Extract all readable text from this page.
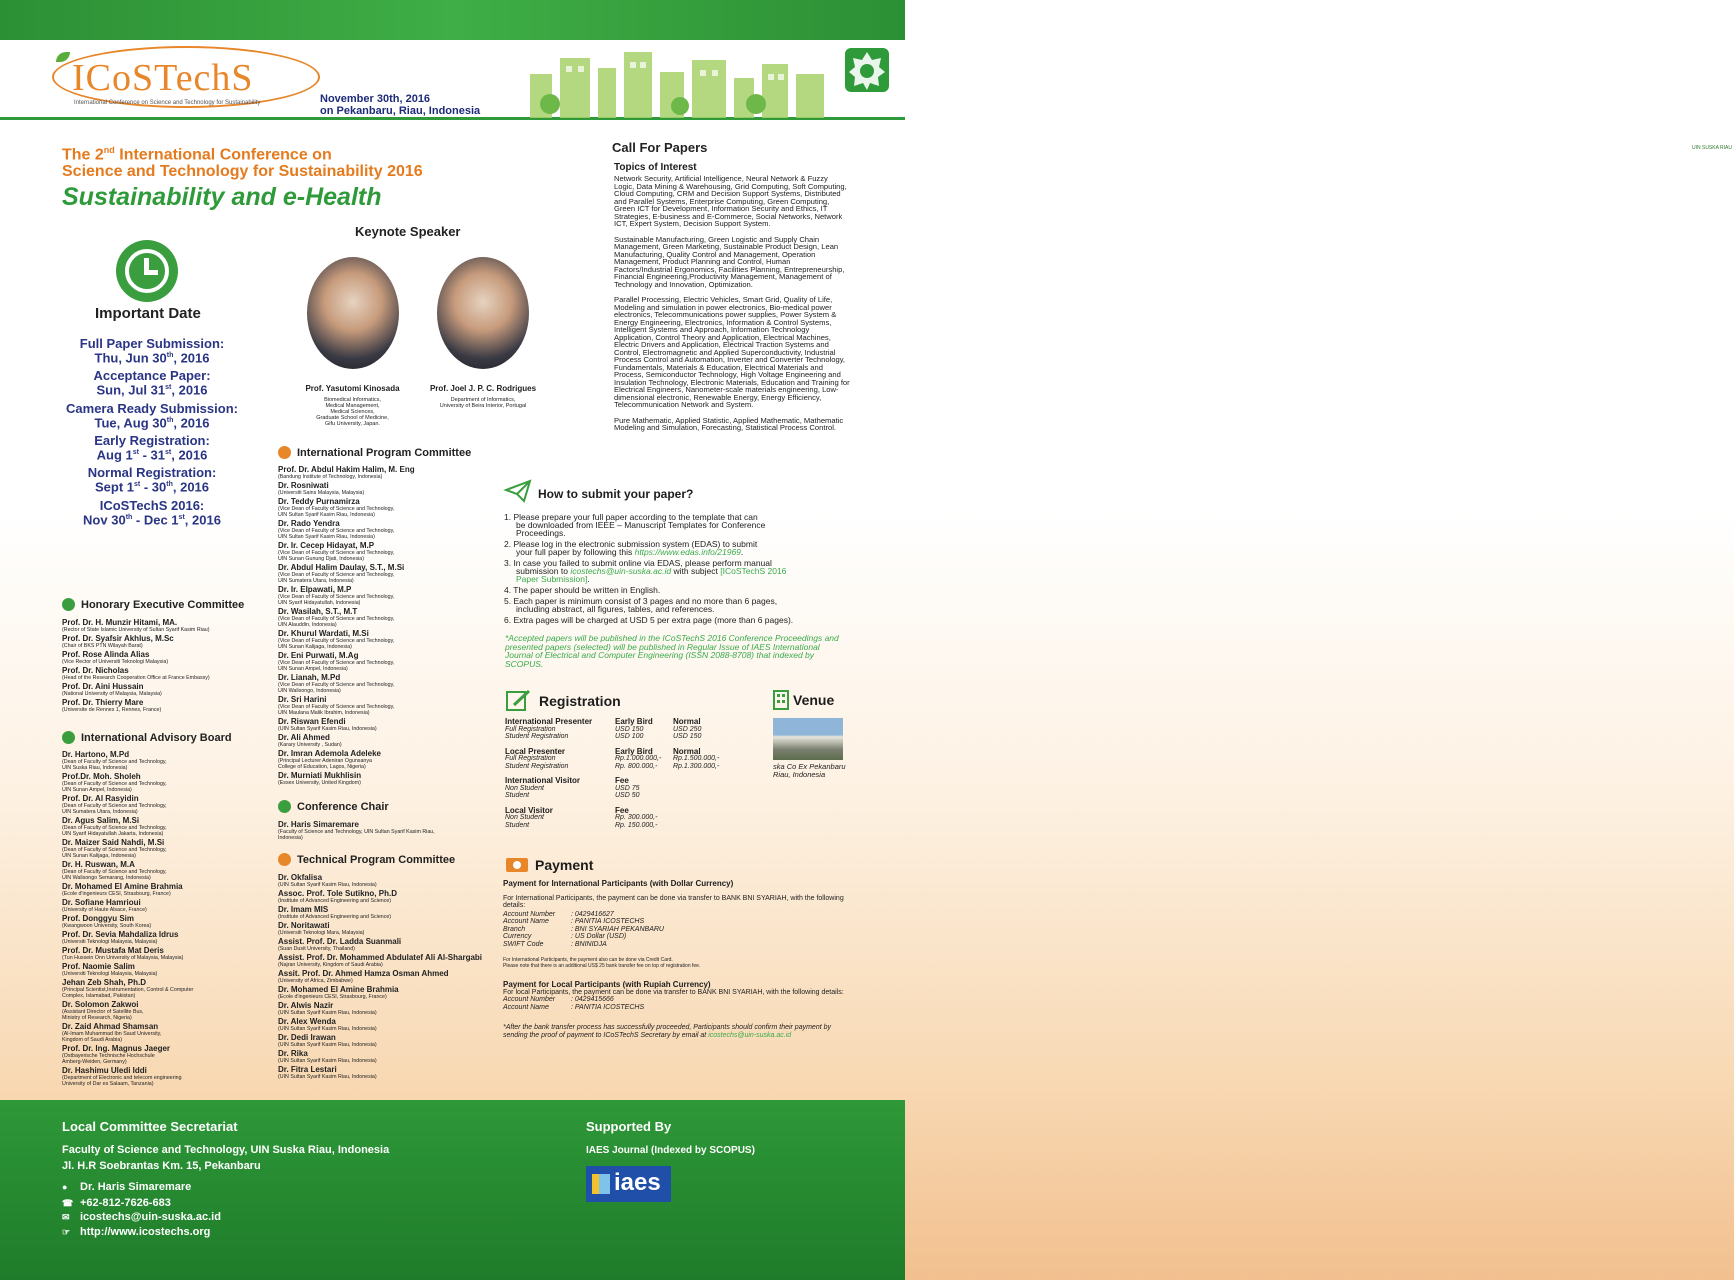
ICoSTechS
International Conference on Science and Technology for Sustainability	November 30th, 2016
on Pekanbaru, Riau, Indonesia
UIN SUSKA RIAU
The 2nd International Conference on
Science and Technology for Sustainability 2016
Sustainability and e-Health
Important Date
Full Paper Submission:
Thu, Jun 30th, 2016
Acceptance Paper:
Sun, Jul 31st, 2016
Camera Ready Submission:
Tue, Aug 30th, 2016
Early Registration:
Aug 1st - 31st, 2016
Normal Registration:
Sept 1st - 30th, 2016
ICoSTechS 2016:
Nov 30th - Dec 1st, 2016
Keynote Speaker
Prof. Yasutomi Kinosada
Biomedical Informatics,
Medical Management,
Medical Sciences,
Graduate School of Medicine,
Gifu University, Japan.
Prof. Joel J. P. C. Rodrigues
Department of Informatics,
University of Beira Interior, Portugal
Honorary Executive Committee
Prof. Dr. H. Munzir Hitami, MA.
(Rector of State Islamic University of Sultan Syarif Kasim Riau)
Prof. Dr. Syafsir Akhlus, M.Sc
(Chair of BKS PTN Wilayah Barat)
Prof. Rose Alinda Alias
(Vice Rector of Universiti Teknologi Malaysia)
Prof. Dr. Nicholas
(Head of the Research Cooperation Office at France Embassy)
Prof. Dr. Aini Hussain
(National University of Malaysia, Malaysia)
Prof. Dr. Thierry Mare
(Universite de Rennes 1, Rennes, France)
International Advisory Board
Dr. Hartono, M.Pd
(Dean of Faculty of Science and Technology,
UIN Suska Riau, Indonesia)
Prof.Dr. Moh. Sholeh
(Dean of Faculty of Science and Technology,
UIN Sunan Ampel, Indonesia)
Prof. Dr. Al Rasyidin
(Dean of Faculty of Science and Technology,
UIN Sumatera Utara, Indonesia)
Dr. Agus Salim, M.Si
(Dean of Faculty of Science and Technology,
UIN Syarif Hidayatullah Jakarta, Indonesia)
Dr. Maizer Said Nahdi, M.Si
(Dean of Faculty of Science and Technology,
UIN Sunan Kalijaga, Indonesia)
Dr. H. Ruswan, M.A
(Dean of Faculty of Science and Technology,
UIN Walisongo Semarang, Indonesia)
Dr. Mohamed El Amine Brahmia
(Ecole d'ingenieurs CESI, Strasbourg, France)
Dr. Sofiane Hamrioui
(University of Haute Alsace, France)
Prof. Donggyu Sim
(Kwangwoon University, South Korea)
Prof. Dr. Sevia Mahdaliza Idrus
(Universiti Teknologi Malaysia, Malaysia)
Prof. Dr. Mustafa Mat Deris
(Tun Hussein Onn University of Malaysia, Malaysia)
Prof. Naomie Salim
(Universiti Teknologi Malaysia, Malaysia)
Jehan Zeb Shah, Ph.D
(Principal Scientist,Instrumentation, Control & Computer
Complex, Islamabad, Pakistan)
Dr. Solomon Zakwoi
(Assistant Director of Satellite Bus,
Ministry of Research, Nigeria)
Dr. Zaid Ahmad Shamsan
(Al-Imam Muhammad Ibn Saud University,
Kingdom of Saudi Arabia)
Prof. Dr. Ing. Magnus Jaeger
(Ostbayerische Technische Hochschule
Amberg-Weiden, Germany)
Dr. Hashimu Uledi Iddi
(Department of Electronic and telecom engineering
University of Dar es Salaam, Tanzania)
International Program Committee
Prof. Dr. Abdul Hakim Halim, M. Eng
(Bandung Institute of Technology, Indonesia)
Dr. Rosniwati
(Universiti Sains Malaysia, Malaysia)
Dr. Teddy Purnamirza
(Vice Dean of Faculty of Science and Technology,
UIN Sultan Syarif Kasim Riau, Indonesia)
Dr. Rado Yendra
(Vice Dean of Faculty of Science and Technology,
UIN Sultan Syarif Kasim Riau, Indonesia)
Dr. Ir. Cecep Hidayat, M.P
(Vice Dean of Faculty of Science and Technology,
UIN Sunan Gunung Djati, Indonesia)
Dr. Abdul Halim Daulay, S.T., M.Si
(Vice Dean of Faculty of Science and Technology,
UIN Sumatera Utara, Indonesia)
Dr. Ir. Elpawati, M.P
(Vice Dean of Faculty of Science and Technology,
UIN Syarif Hidayatullah, Indonesia)
Dr. Wasilah, S.T., M.T
(Vice Dean of Faculty of Science and Technology,
UIN Alauddin, Indonesia)
Dr. Khurul Wardati, M.Si
(Vice Dean of Faculty of Science and Technology,
UIN Sunan Kalijaga, Indonesia)
Dr. Eni Purwati, M.Ag
(Vice Dean of Faculty of Science and Technology,
UIN Sunan Ampel, Indonesia)
Dr. Lianah, M.Pd
(Vice Dean of Faculty of Science and Technology,
UIN Walisongo, Indonesia)
Dr. Sri Harini
(Vice Dean of Faculty of Science and Technology,
UIN Maulana Malik Ibrahim, Indonesia)
Dr. Riswan Efendi
(UIN Sultan Syarif Kasim Riau, Indonesia)
Dr. Ali Ahmed
(Karary University , Sudan)
Dr. Imran Ademola Adeleke
(Principal Lecturer Adeniran Ogunsanya
College of Education, Lagos, Nigeria)
Dr. Murniati Mukhlisin
(Essex University, United Kingdom)
Conference Chair
Dr. Haris Simaremare
(Faculty of Science and Technology, UIN Sultan Syarif Kasim Riau,
Indonesia)
Technical Program Committee
Dr. Okfalisa
(UIN Sultan Syarif Kasim Riau, Indonesia)
Assoc. Prof. Tole Sutikno, Ph.D
(Institute of Advanced Engineering and Science)
Dr. Imam MIS
(Institute of Advanced Engineering and Science)
Dr. Noritawati
(Universiti Teknologi Mara, Malaysia)
Assist. Prof. Dr. Ladda Suanmali
(Suan Dusit University, Thailand)
Assist. Prof. Dr. Mohammed Abdulatef Ali Al-Shargabi
(Najran University, Kingdom of Saudi Arabia)
Assit. Prof. Dr. Ahmed Hamza Osman Ahmed
(University of Africa, Zimbabwe)
Dr. Mohamed El Amine Brahmia
(Ecole d'ingenieurs CESI, Strasbourg, France)
Dr. Alwis Nazir
(UIN Sultan Syarif Kasim Riau, Indonesia)
Dr. Alex Wenda
(UIN Sultan Syarif Kasim Riau, Indonesia)
Dr. Dedi Irawan
(UIN Sultan Syarif Kasim Riau, Indonesia)
Dr. Rika
(UIN Sultan Syarif Kasim Riau, Indonesia)
Dr. Fitra Lestari
(UIN Sultan Syarif Kasim Riau, Indonesia)
Call For Papers
Topics of Interest

Network Security, Artificial Intelligence, Neural Network & Fuzzy Logic, Data Mining & Warehousing, Grid Computing, Soft Computing, Cloud Computing, CRM and Decision Support Systems, Distributed and Parallel Systems, Enterprise Computing, Green Computing, Green ICT for Development, Information Security and Ethics, IT Strategies, E-business and E-Commerce, Social Networks, Network ICT, Expert System, Decision Support System.

Sustainable Manufacturing, Green Logistic and Supply Chain Management, Green Marketing, Sustainable Product Design, Lean Manufacturing, Quality Control and Management, Operation Management, Product Planning and Control, Human Factors/Industrial Ergonomics, Facilities Planning, Entrepreneurship, Financial Engineering,Productivity Management, Management of Technology and Innovation, Optimization.

Parallel Processing, Electric Vehicles, Smart Grid, Quality of Life, Modeling and simulation in power electronics, Bio-medical power electronics, Telecommunications power supplies, Power System & Energy Engineering, Electronics, Information & Control Systems, Intelligent Systems and Approach, Information Technology Application, Control Theory and Application, Electrical Machines, Electric Drivers and Application, Electrical Traction Systems and Control, Electromagnetic and Applied Superconductivity, Industrial Process Control and Automation, Inverter and Converter Technology, Fundamentals, Materials & Education, Electrical Materials and Process, Semiconductor Technology, High Voltage Engineering and Insulation Technology, Electronic Materials, Education and Training for Electrical Engineers, Nanometer-scale materials engineering, Low-dimensional electronic, Renewable Energy, Energy Efficiency, Telecommunication Network and System.

Pure Mathematic, Applied Statistic, Applied Mathematic, Mathematic Modeling and Simulation, Forecasting, Statistical Process Control.

How to submit your paper?
1. Please prepare your full paper according to the template that can
be downloaded from IEEE – Manuscript Templates for Conference
Proceedings.
2. Please log in the electronic submission system (EDAS) to submit
your full paper by following this https://www.edas.info/21969.
3. In case you failed to submit online via EDAS, please perform manual
submission to icostechs@uin-suska.ac.id with subject [ICoSTechS 2016
Paper Submission].
4. The paper should be written in English.
5. Each paper is minimum consist of 3 pages and no more than 6 pages,
including abstract, all figures, tables, and references.
6. Extra pages will be charged at USD 5 per extra page (more than 6 pages).
*Accepted papers will be published in the ICoSTechS 2016 Conference Proceedings and presented papers (selected) will be published in Regular Issue of IAES International Journal of Electrical and Computer Engineering (ISSN 2088-8708) that indexed by SCOPUS.
Registration
International Presenter	Early Bird	Normal
Full Registration	USD 150	USD 250
Student Registration	USD 100	USD 150
Local Presenter	Early Bird	Normal
Full Registration	Rp.1.000.000,-	Rp.1.500.000,-
Student Registration	Rp. 800.000,-	Rp.1.300.000,-
International Visitor	Fee
Non Student	USD 75
Student	USD 50
Local Visitor	Fee
Non Student	Rp. 300.000,-
Student	Rp. 150.000,-
Venue
ska Co Ex Pekanbaru
Riau, Indonesia
Payment
Payment for International Participants (with Dollar Currency)
For International Participants, the payment can be done via transfer to BANK BNI SYARIAH, with the following details:
Account Number	: 0429416627
Account Name	: PANITIA ICOSTECHS
Branch	: BNI SYARIAH PEKANBARU
Currency	: US Dollar (USD)
SWIFT Code	: BNINIDJA
For International Participants, the payment also can be done via Credit Card.
Please note that there is an additional US$ 25 bank transfer fee on top of registration fee.
Payment for Local Participants (with Rupiah Currency)
For local Participants, the payment can be done via transfer to BANK BNI SYARIAH, with the following details:
Account Number	: 0429415666
Account Name	: PANITIA ICOSTECHS
*After the bank transfer process has successfully proceeded, Participants should confirm their payment by sending the proof of payment to ICoSTechS Secretary by email at icostechs@uin-suska.ac.id
Local Committee Secretariat
Faculty of Science and Technology, UIN Suska Riau, Indonesia
Jl. H.R Soebrantas Km. 15, Pekanbaru
● Dr. Haris Simaremare
☎ +62-812-7626-683
✉ icostechs@uin-suska.ac.id
☞ http://www.icostechs.org
Supported By
IAES Journal (Indexed by SCOPUS)
iaes
